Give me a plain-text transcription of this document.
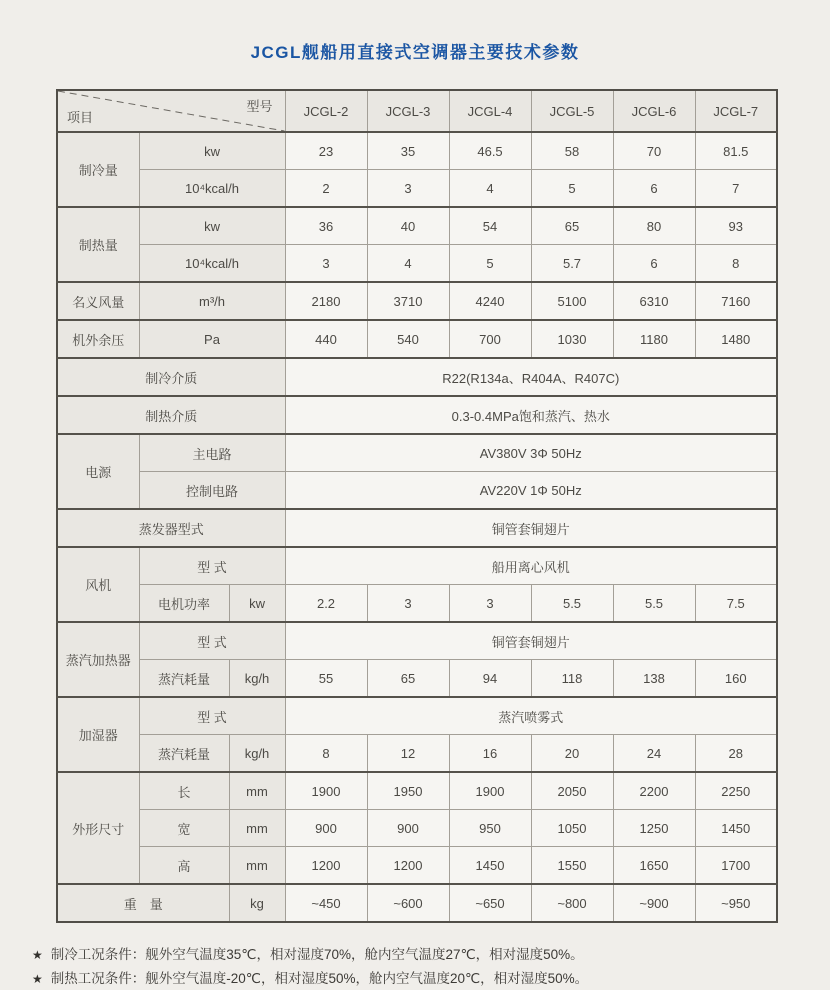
JCGL舰船用直接式空调器主要技术参数
项目
型号			JCGL-2	JCGL-3	JCGL-4	JCGL-5	JCGL-6	JCGL-7
制冷量	kw		23	35	46.5	58	70	81.5
	10⁴kcal/h		2	3	4	5	6	7
制热量	kw		36	40	54	65	80	93
	10⁴kcal/h		3	4	5	5.7	6	8
名义风量	m³/h		2180	3710	4240	5100	6310	7160
机外余压	Pa		440	540	700	1030	1180	1480
制冷介质			R22(R134a、R404A、R407C)					
制热介质			0.3-0.4MPa饱和蒸汽、热水					
电源	主电路		AV380V 3Φ 50Hz					
	控制电路		AV220V 1Φ 50Hz					
蒸发器型式			铜管套铜翅片					
风机	型 式		船用离心风机					
	电机功率	kw	2.2	3	3	5.5	5.5	7.5
蒸汽加热器	型 式		铜管套铜翅片					
	蒸汽耗量	kg/h	55	65	94	118	138	160
加湿器	型 式		蒸汽喷雾式					
	蒸汽耗量	kg/h	8	12	16	20	24	28
外形尺寸	长	mm	1900	1950	1900	2050	2200	2250
	宽	mm	900	900	950	1050	1250	1450
	高	mm	1200	1200	1450	1550	1650	1700
重　量		kg	~450	~600	~650	~800	~900	~950
★ 制冷工况条件：舰外空气温度35℃，相对湿度70%，舱内空气温度27℃，相对湿度50%。
★ 制热工况条件：舰外空气温度-20℃，相对湿度50%，舱内空气温度20℃，相对湿度50%。
